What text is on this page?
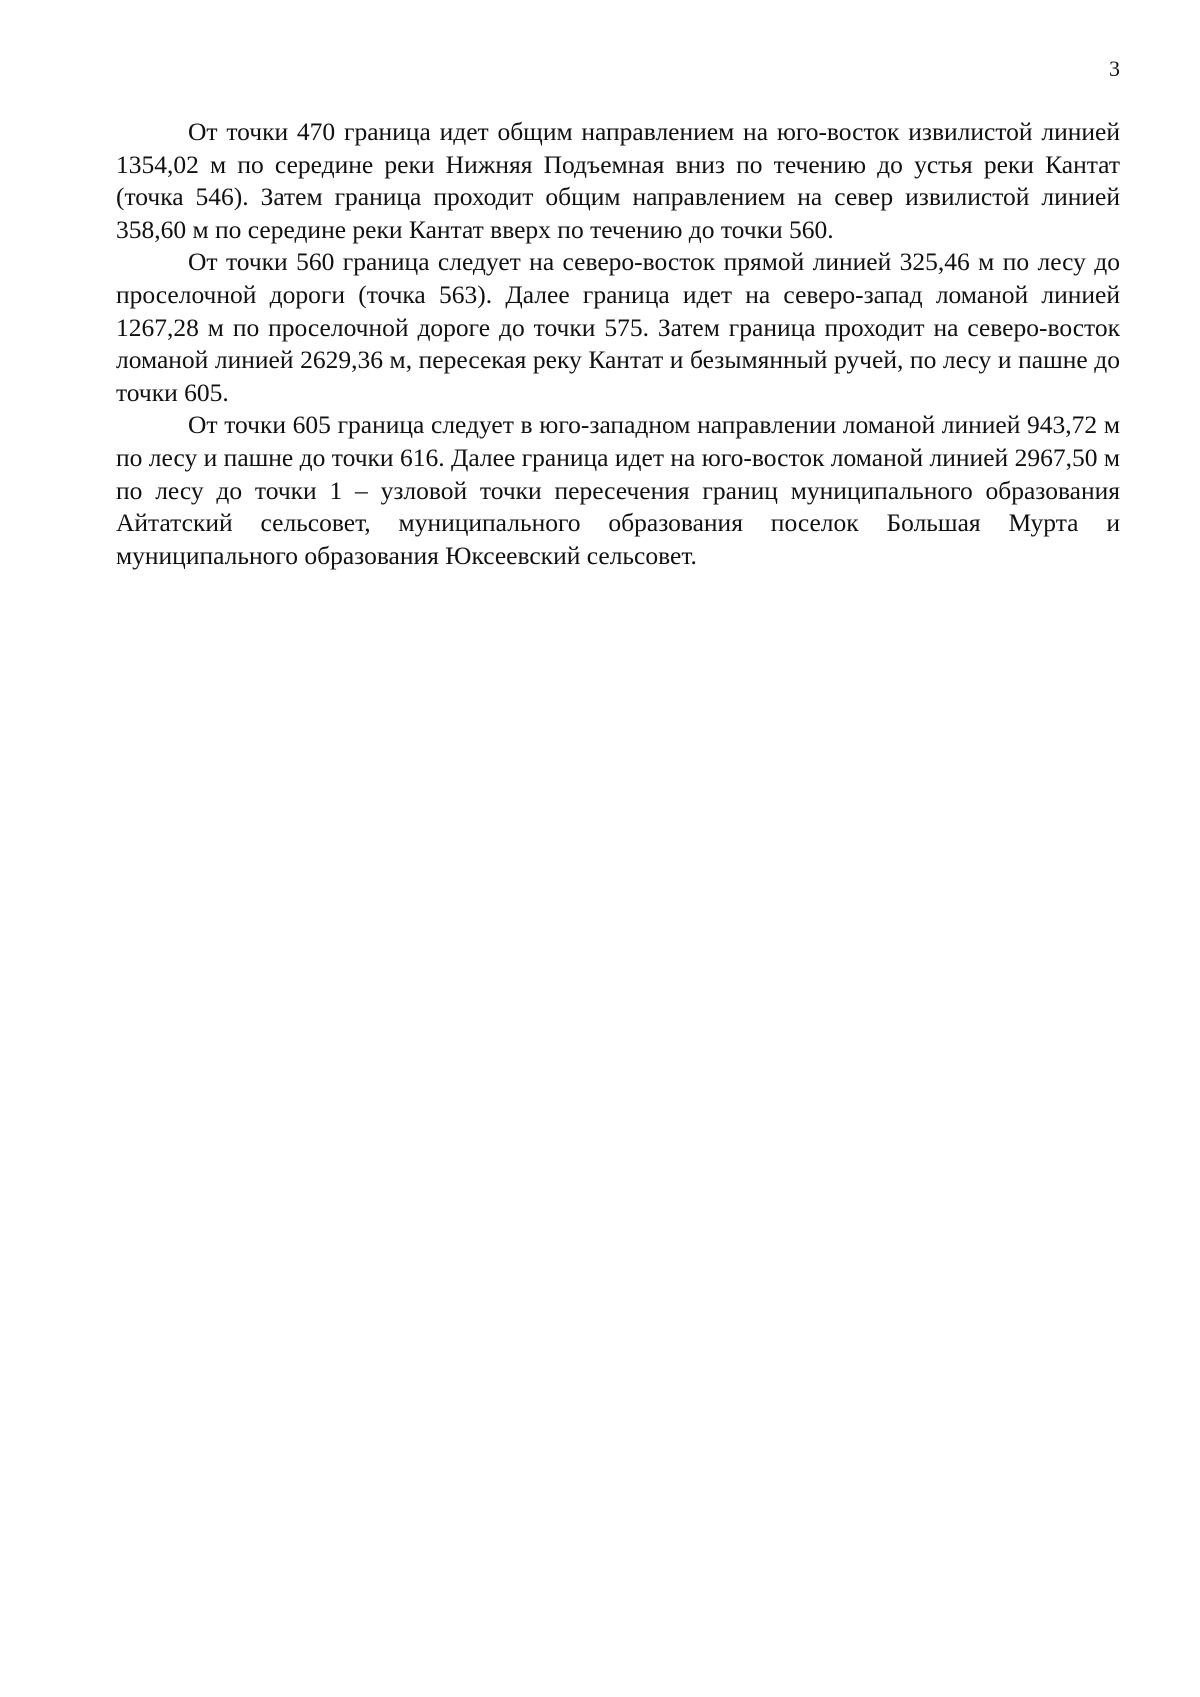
3

От точки 470 граница идет общим направлением на юго-восток извилистой линией 1354,02 м по середине реки Нижняя Подъемная вниз по течению до устья реки Кантат (точка 546). Затем граница проходит общим направлением на север извилистой линией 358,60 м по середине реки Кантат вверх по течению до точки 560.

От точки 560 граница следует на северо-восток прямой линией 325,46 м по лесу до проселочной дороги (точка 563). Далее граница идет на северо-запад ломаной линией 1267,28 м по проселочной дороге до точки 575. Затем граница проходит на северо-восток ломаной линией 2629,36 м, пересекая реку Кантат и безымянный ручей, по лесу и пашне до точки 605.

От точки 605 граница следует в юго-западном направлении ломаной линией 943,72 м по лесу и пашне до точки 616. Далее граница идет на юго-восток ломаной линией 2967,50 м по лесу до точки 1 – узловой точки пересечения границ муниципального образования Айтатский сельсовет, муниципального образования поселок Большая Мурта и муниципального образования Юксеевский сельсовет.
